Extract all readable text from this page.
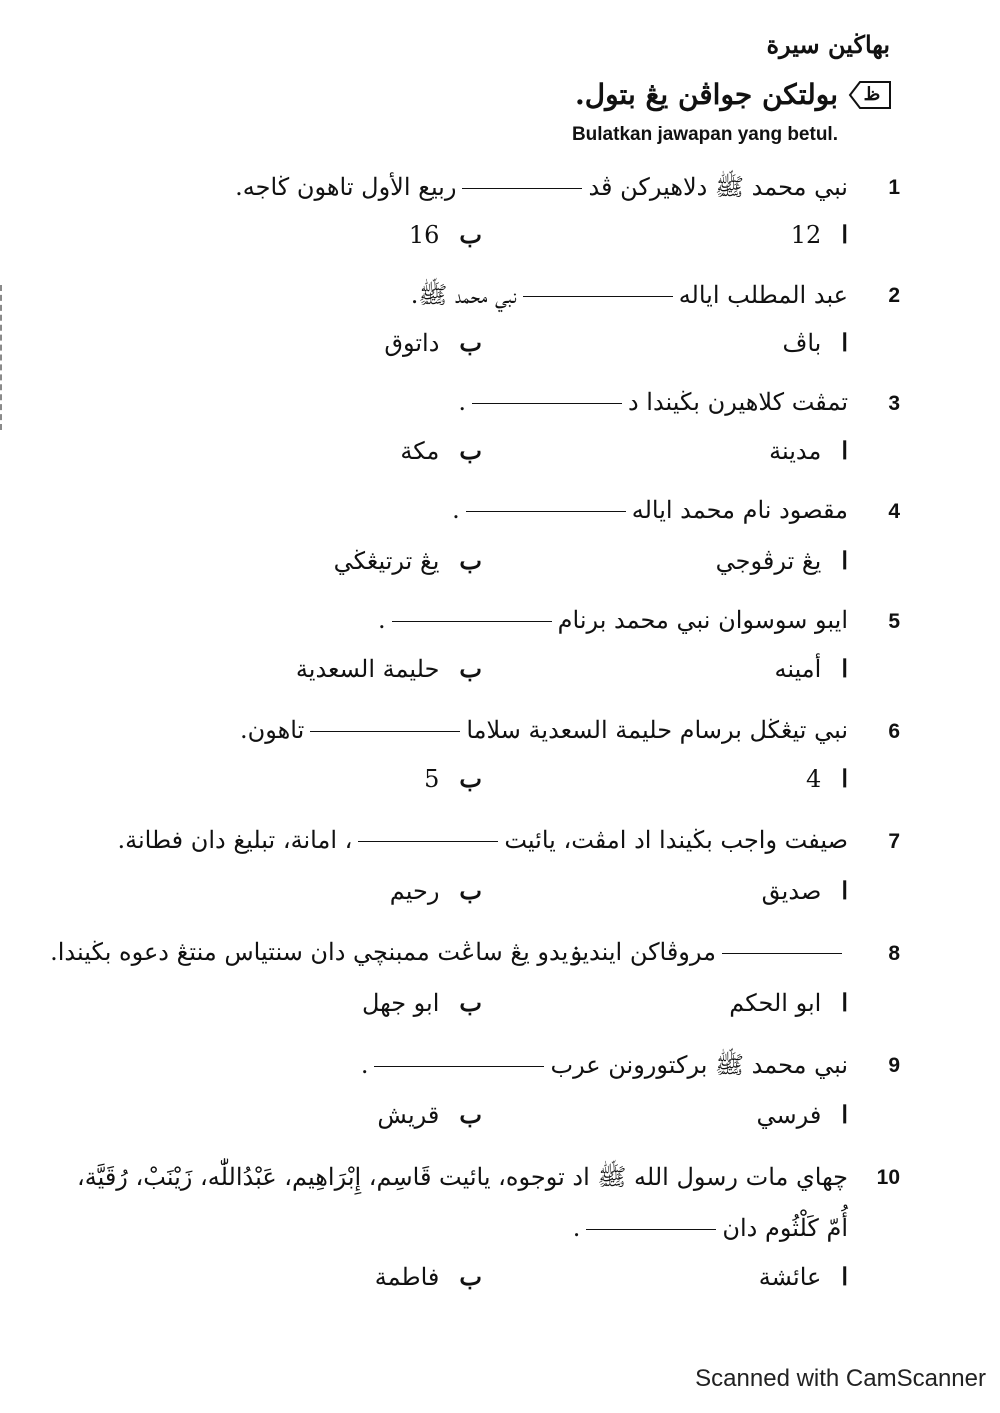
بهاڬين سيرة
ظ
بولتكن جواڤن يڠ بتول.
Bulatkan jawapan yang betul.
1
نبي محمد ﷺ دلاهيركن ڤدربيع الأول تاهون ڬاجه.
ا
12
ب
16
2
عبد المطلب ايالهنبي محمد ﷺ.
ا
باڤ
ب
داتوق
3
تمڤت كلاهيرن بڬيندا د.
ا
مدينة
ب
مكة
4
مقصود نام محمد اياله.
ا
يڠ ترڤوجي
ب
يڠ ترتيڠڬي
5
ايبو سوسوان نبي محمد برنام.
ا
أمينه
ب
حليمة السعدية
6
نبي تيڠڬل برسام حليمة السعدية سلاماتاهون.
ا
4
ب
5
7
صيفت واجب بڬيندا اد امڤت، يائيت، امانة، تبليغ دان فطانة.
ا
صديق
ب
رحيم
8
مروڤاكن اينديۏيدو يڠ ساڠت ممبنچي دان سنتياس منتڠ دعوه بڬيندا.
ا
ابو الحكم
ب
ابو جهل
9
نبي محمد ﷺ بركتورونن عرب.
ا
فرسي
ب
قريش
10
چهاي مات رسول الله ﷺ اد توجوه، يائيت قَاسِم، إِبْرَاهِيم، عَبْدُاللّٰه، زَيْنَبْ، رُقَيَّة،
أُمّ كَلْثُوم دان.
ا
عائشة
ب
فاطمة
Scanned with CamScanner
